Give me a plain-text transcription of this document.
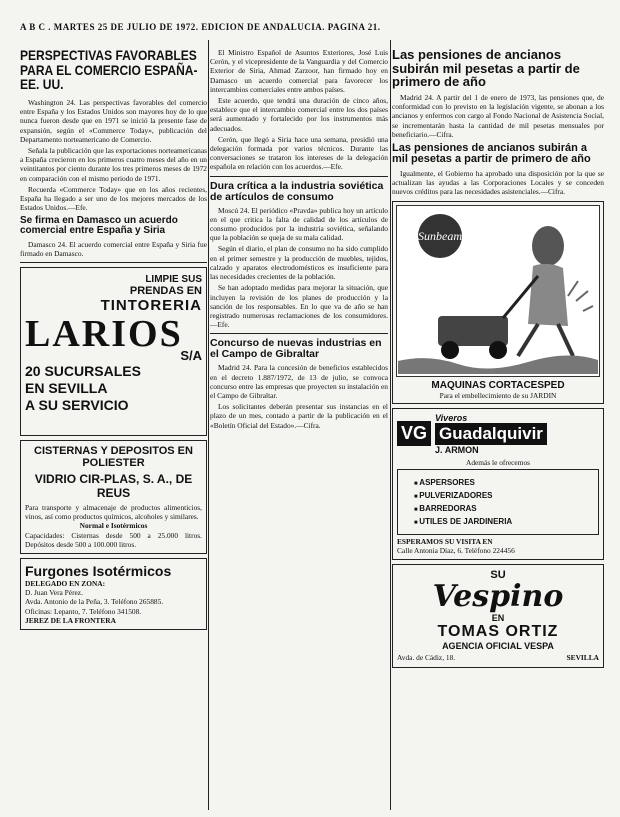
A B C . MARTES 25 DE JULIO DE 1972. EDICION DE ANDALUCIA. PAGINA 21.
PERSPECTIVAS FAVORABLES PARA EL COMERCIO ESPAÑA-EE. UU.

Washington 24. Las perspectivas favorables del comercio entre España y los Estados Unidos son mayores hoy de lo que nunca fueron desde que en 1971 se inició la presente fase de expansión, según el «Commerce Today», publicación del Departamento norteamericano de Comercio.

Señala la publicación que las exportaciones norteamericanas a España crecieron en los primeros cuatro meses del año en un veintitantos por ciento durante los tres primeros meses de 1972 en comparación con el mismo periodo de 1971.

Recuerda «Commerce Today» que en los años recientes, España ha llegado a ser uno de los mejores mercados de los Estados Unidos.—Efe.

Se firma en Damasco un acuerdo comercial entre España y Siria

Damasco 24. El acuerdo comercial entre España y Siria fue firmado en Damasco.

LIMPIE SUS
PRENDAS EN
TINTORERIA
LARIOS
S/A
20 SUCURSALES
EN SEVILLA
A SU SERVICIO
CISTERNAS Y DEPOSITOS EN POLIESTER
VIDRIO CIR-PLAS, S. A., DE REUS
Para transporte y almacenaje de productos alimenticios, vinos, así como productos químicos, alcoholes y similares.
Normal e Isotérmicos
Capacidades: Cisternas desde 500 a 25.000 litros. Depósitos desde 500 a 100.000 litros.
Furgones Isotérmicos
DELEGADO EN ZONA:
D. Juan Vera Pérez.
Avda. Antonio de la Peña, 3. Teléfono 265885.
Oficinas: Lepanto, 7. Teléfono 341508.
JEREZ DE LA FRONTERA

El Ministro Español de Asuntos Exteriores, José Luis Cerón, y el vicepresidente de la Vanguardia y del Comercio Exterior de Siria, Ahmad Zarzoor, han firmado hoy en Damasco un acuerdo comercial para favorecer los intercambios comerciales entre ambos países.

Este acuerdo, que tendrá una duración de cinco años, establece que el intercambio comercial entre los dos países será aumentado y fortalecido por los instrumentos más adecuados.

Cerón, que llegó a Siria hace una semana, presidió una delegación formada por varios técnicos. Durante las conversaciones se trataron los intereses de la delegación española en relación con los acuerdos.—Efe.

Dura crítica a la industria soviética de artículos de consumo

Moscú 24. El periódico «Pravda» publica hoy un artículo en el que critica la falta de calidad de los artículos de consumo producidos por la industria soviética, señalando que la población se queja de su mala calidad.

Según el diario, el plan de consumo no ha sido cumplido en el primer semestre y la producción de muebles, tejidos, calzado y aparatos electrodomésticos es insuficiente para las necesidades crecientes de la población.

Se han adoptado medidas para mejorar la situación, que incluyen la revisión de los planes de producción y la sanción de los responsables. En lo que va de año se han registrado numerosas reclamaciones de los consumidores.—Efe.

Concurso de nuevas industrias en el Campo de Gibraltar

Madrid 24. Para la concesión de beneficios establecidos en el decreto 1.887/1972, de 13 de julio, se convoca concurso entre las empresas que proyecten su instalación en el Campo de Gibraltar.

Los solicitantes deberán presentar sus instancias en el plazo de un mes, contado a partir de la publicación en el «Boletín Oficial del Estado».—Cifra.

Las pensiones de ancianos subirán mil pesetas a partir de primero de año

Madrid 24. A partir del 1 de enero de 1973, las pensiones que, de conformidad con lo previsto en la legislación vigente, se abonan a los ancianos y enfermos con cargo al Fondo Nacional de Asistencia Social, se incrementarán hasta la cantidad de mil pesetas mensuales por beneficiario.—Cifra.

Las pensiones de ancianos subirán a mil pesetas a partir de primero de año

Igualmente, el Gobierno ha aprobado una disposición por la que se actualizan las ayudas a las Corporaciones Locales y se conceden nuevos créditos para las necesidades asistenciales.—Cifra.

Sunbeam
MAQUINAS CORTACESPED
Para el embellecimiento de su JARDIN
VG
Viveros
Guadalquivir
J. ARMON
Además le ofrecemos
■ ASPERSORES
■ PULVERIZADORES
■ BARREDORAS
■ UTILES DE JARDINERIA
ESPERAMOS SU VISITA EN
Calle Antonia Díaz, 6. Teléfono 224456
SU
Vespino
EN
TOMAS ORTIZ
AGENCIA OFICIAL VESPA
Avda. de Cádiz, 18.	SEVILLA
